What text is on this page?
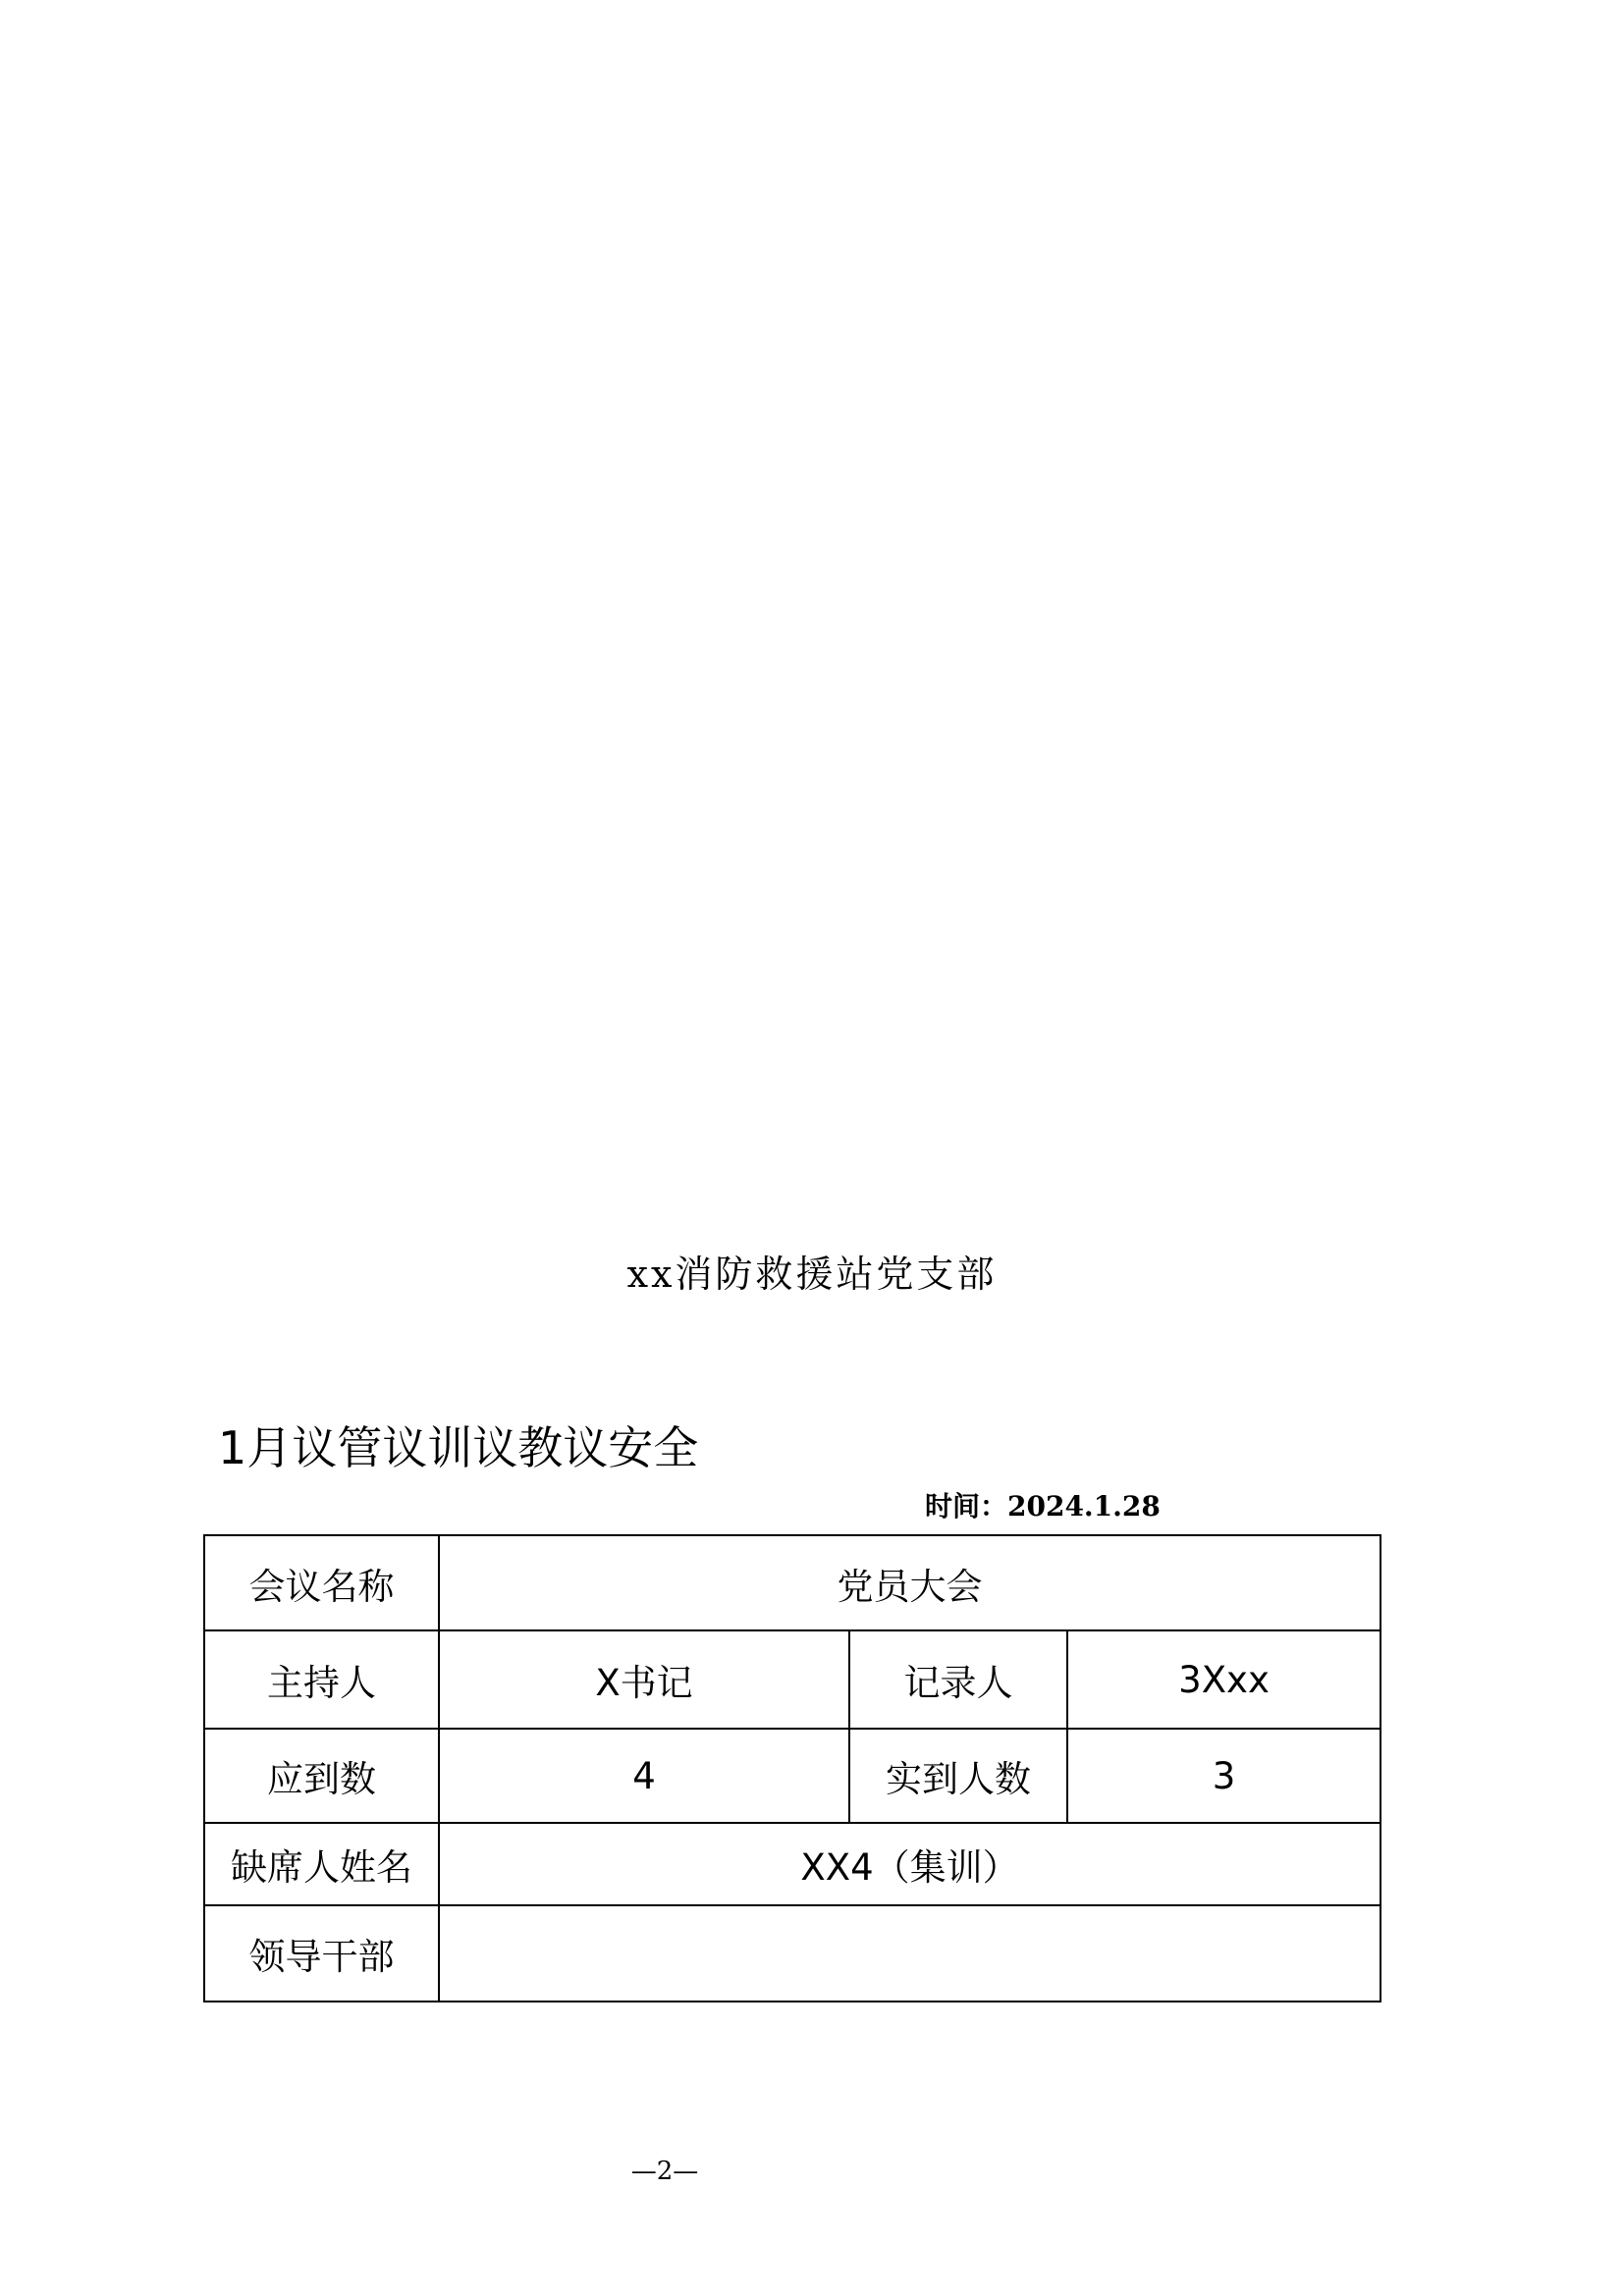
xx消防救援站党支部
1月议管议训议教议安全
时间：2024.1.28
会议名称	党员大会		
主持人	X书记	记录人	3Xxx
应到数	4	实到人数	3
缺席人姓名	XX4（集训）		
领导干部			
—2—
